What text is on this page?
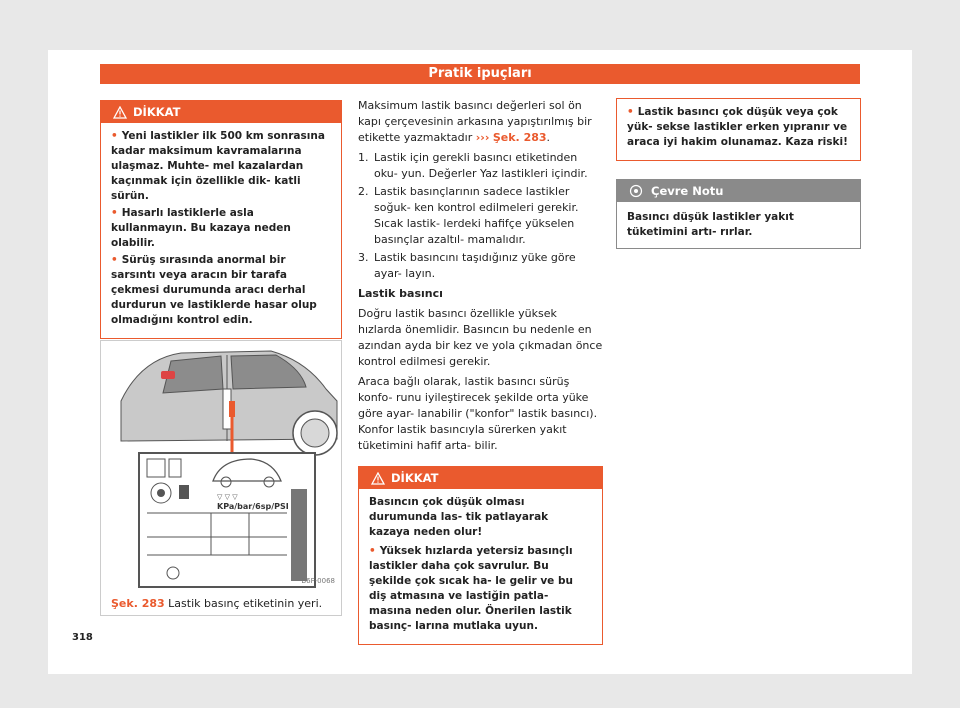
Pratik ipuçları
DİKKAT
• Yeni lastikler ilk 500 km sonrasına kadar maksimum kavramalarına ulaşmaz. Muhte- mel kazalardan kaçınmak için özellikle dik- katli sürün.
• Hasarlı lastiklerle asla kullanmayın. Bu kazaya neden olabilir.
• Sürüş sırasında anormal bir sarsıntı veya aracın bir tarafa çekmesi durumunda aracı derhal durdurun ve lastiklerde hasar olup olmadığını kontrol edin.
▽ ▽ ▽
KPa/bar/6sp/PSI
B6F-0068
Şek. 283 Lastik basınç etiketinin yeri.

Maksimum lastik basıncı değerleri sol ön kapı çerçevesinin arkasına yapıştırılmış bir etikette yazmaktadır ››› Şek. 283.

1. Lastik için gerekli basıncı etiketinden oku- yun. Değerler Yaz lastikleri içindir.
2. Lastik basınçlarının sadece lastikler soğuk- ken kontrol edilmeleri gerekir. Sıcak lastik- lerdeki hafifçe yükselen basınçlar azaltıl- mamalıdır.
3. Lastik basıncını taşıdığınız yüke göre ayar- layın.

Lastik basıncı

Doğru lastik basıncı özellikle yüksek hızlarda önemlidir. Basıncın bu nedenle en azından ayda bir kez ve yola çıkmadan önce kontrol edilmesi gerekir.

Araca bağlı olarak, lastik basıncı sürüş konfo- runu iyileştirecek şekilde orta yüke göre ayar- lanabilir ("konfor" lastik basıncı). Konfor lastik basıncıyla sürerken yakıt tüketimini hafif arta- bilir.

DİKKAT
Basıncın çok düşük olması durumunda las- tik patlayarak kazaya neden olur!
• Yüksek hızlarda yetersiz basınçlı lastikler daha çok savrulur. Bu şekilde çok sıcak ha- le gelir ve bu diş atmasına ve lastiğin patla- masına neden olur. Önerilen lastik basınç- larına mutlaka uyun.
• Lastik basıncı çok düşük veya çok yük- sekse lastikler erken yıpranır ve araca iyi hakim olunamaz. Kaza riski!
Çevre Notu
Basıncı düşük lastikler yakıt tüketimini artı- rırlar.
318
